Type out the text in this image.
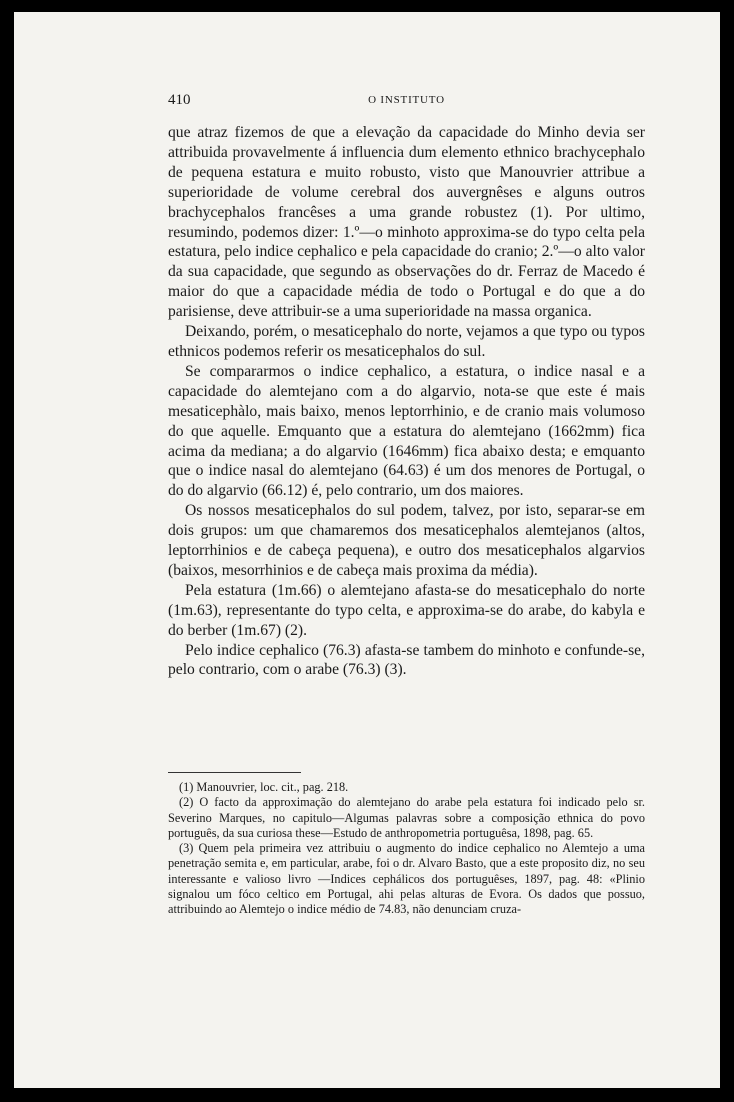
410	O INSTITUTO

que atraz fizemos de que a elevação da capacidade do Minho devia ser attribuida provavelmente á influencia dum elemento ethnico brachycephalo de pequena estatura e muito robusto, visto que Manouvrier attribue a superioridade de volume cerebral dos auvergnêses e alguns outros brachycephalos francêses a uma grande robustez (1). Por ultimo, resumindo, podemos dizer: 1.º—o minhoto approxima-se do typo celta pela estatura, pelo indice cephalico e pela capacidade do cranio; 2.º—o alto valor da sua capacidade, que segundo as observações do dr. Ferraz de Macedo é maior do que a capacidade média de todo o Portugal e do que a do parisiense, deve attribuir-se a uma superioridade na massa organica.

Deixando, porém, o mesaticephalo do norte, vejamos a que typo ou typos ethnicos podemos referir os mesaticephalos do sul.

Se compararmos o indice cephalico, a estatura, o indice nasal e a capacidade do alemtejano com a do algarvio, nota-se que este é mais mesaticephàlo, mais baixo, menos leptorrhinio, e de cranio mais volumoso do que aquelle. Emquanto que a estatura do alemtejano (1662mm) fica acima da mediana; a do algarvio (1646mm) fica abaixo desta; e emquanto que o indice nasal do alemtejano (64.63) é um dos menores de Portugal, o do do algarvio (66.12) é, pelo contrario, um dos maiores.

Os nossos mesaticephalos do sul podem, talvez, por isto, separar-se em dois grupos: um que chamaremos dos mesaticephalos alemtejanos (altos, leptorrhinios e de cabeça pequena), e outro dos mesaticephalos algarvios (baixos, mesorrhinios e de cabeça mais proxima da média).

Pela estatura (1m.66) o alemtejano afasta-se do mesaticephalo do norte (1m.63), representante do typo celta, e approxima-se do arabe, do kabyla e do berber (1m.67) (2).

Pelo indice cephalico (76.3) afasta-se tambem do minhoto e confunde-se, pelo contrario, com o arabe (76.3) (3).

(1) Manouvrier, loc. cit., pag. 218.

(2) O facto da approximação do alemtejano do arabe pela estatura foi indicado pelo sr. Severino Marques, no capitulo—Algumas palavras sobre a composição ethnica do povo português, da sua curiosa these—Estudo de anthropometria portuguêsa, 1898, pag. 65.

(3) Quem pela primeira vez attribuiu o augmento do indice cephalico no Alemtejo a uma penetração semita e, em particular, arabe, foi o dr. Alvaro Basto, que a este proposito diz, no seu interessante e valioso livro —Indices cephálicos dos portuguêses, 1897, pag. 48: «Plinio signalou um fóco celtico em Portugal, ahi pelas alturas de Evora. Os dados que possuo, attribuindo ao Alemtejo o indice médio de 74.83, não denunciam cruza-
